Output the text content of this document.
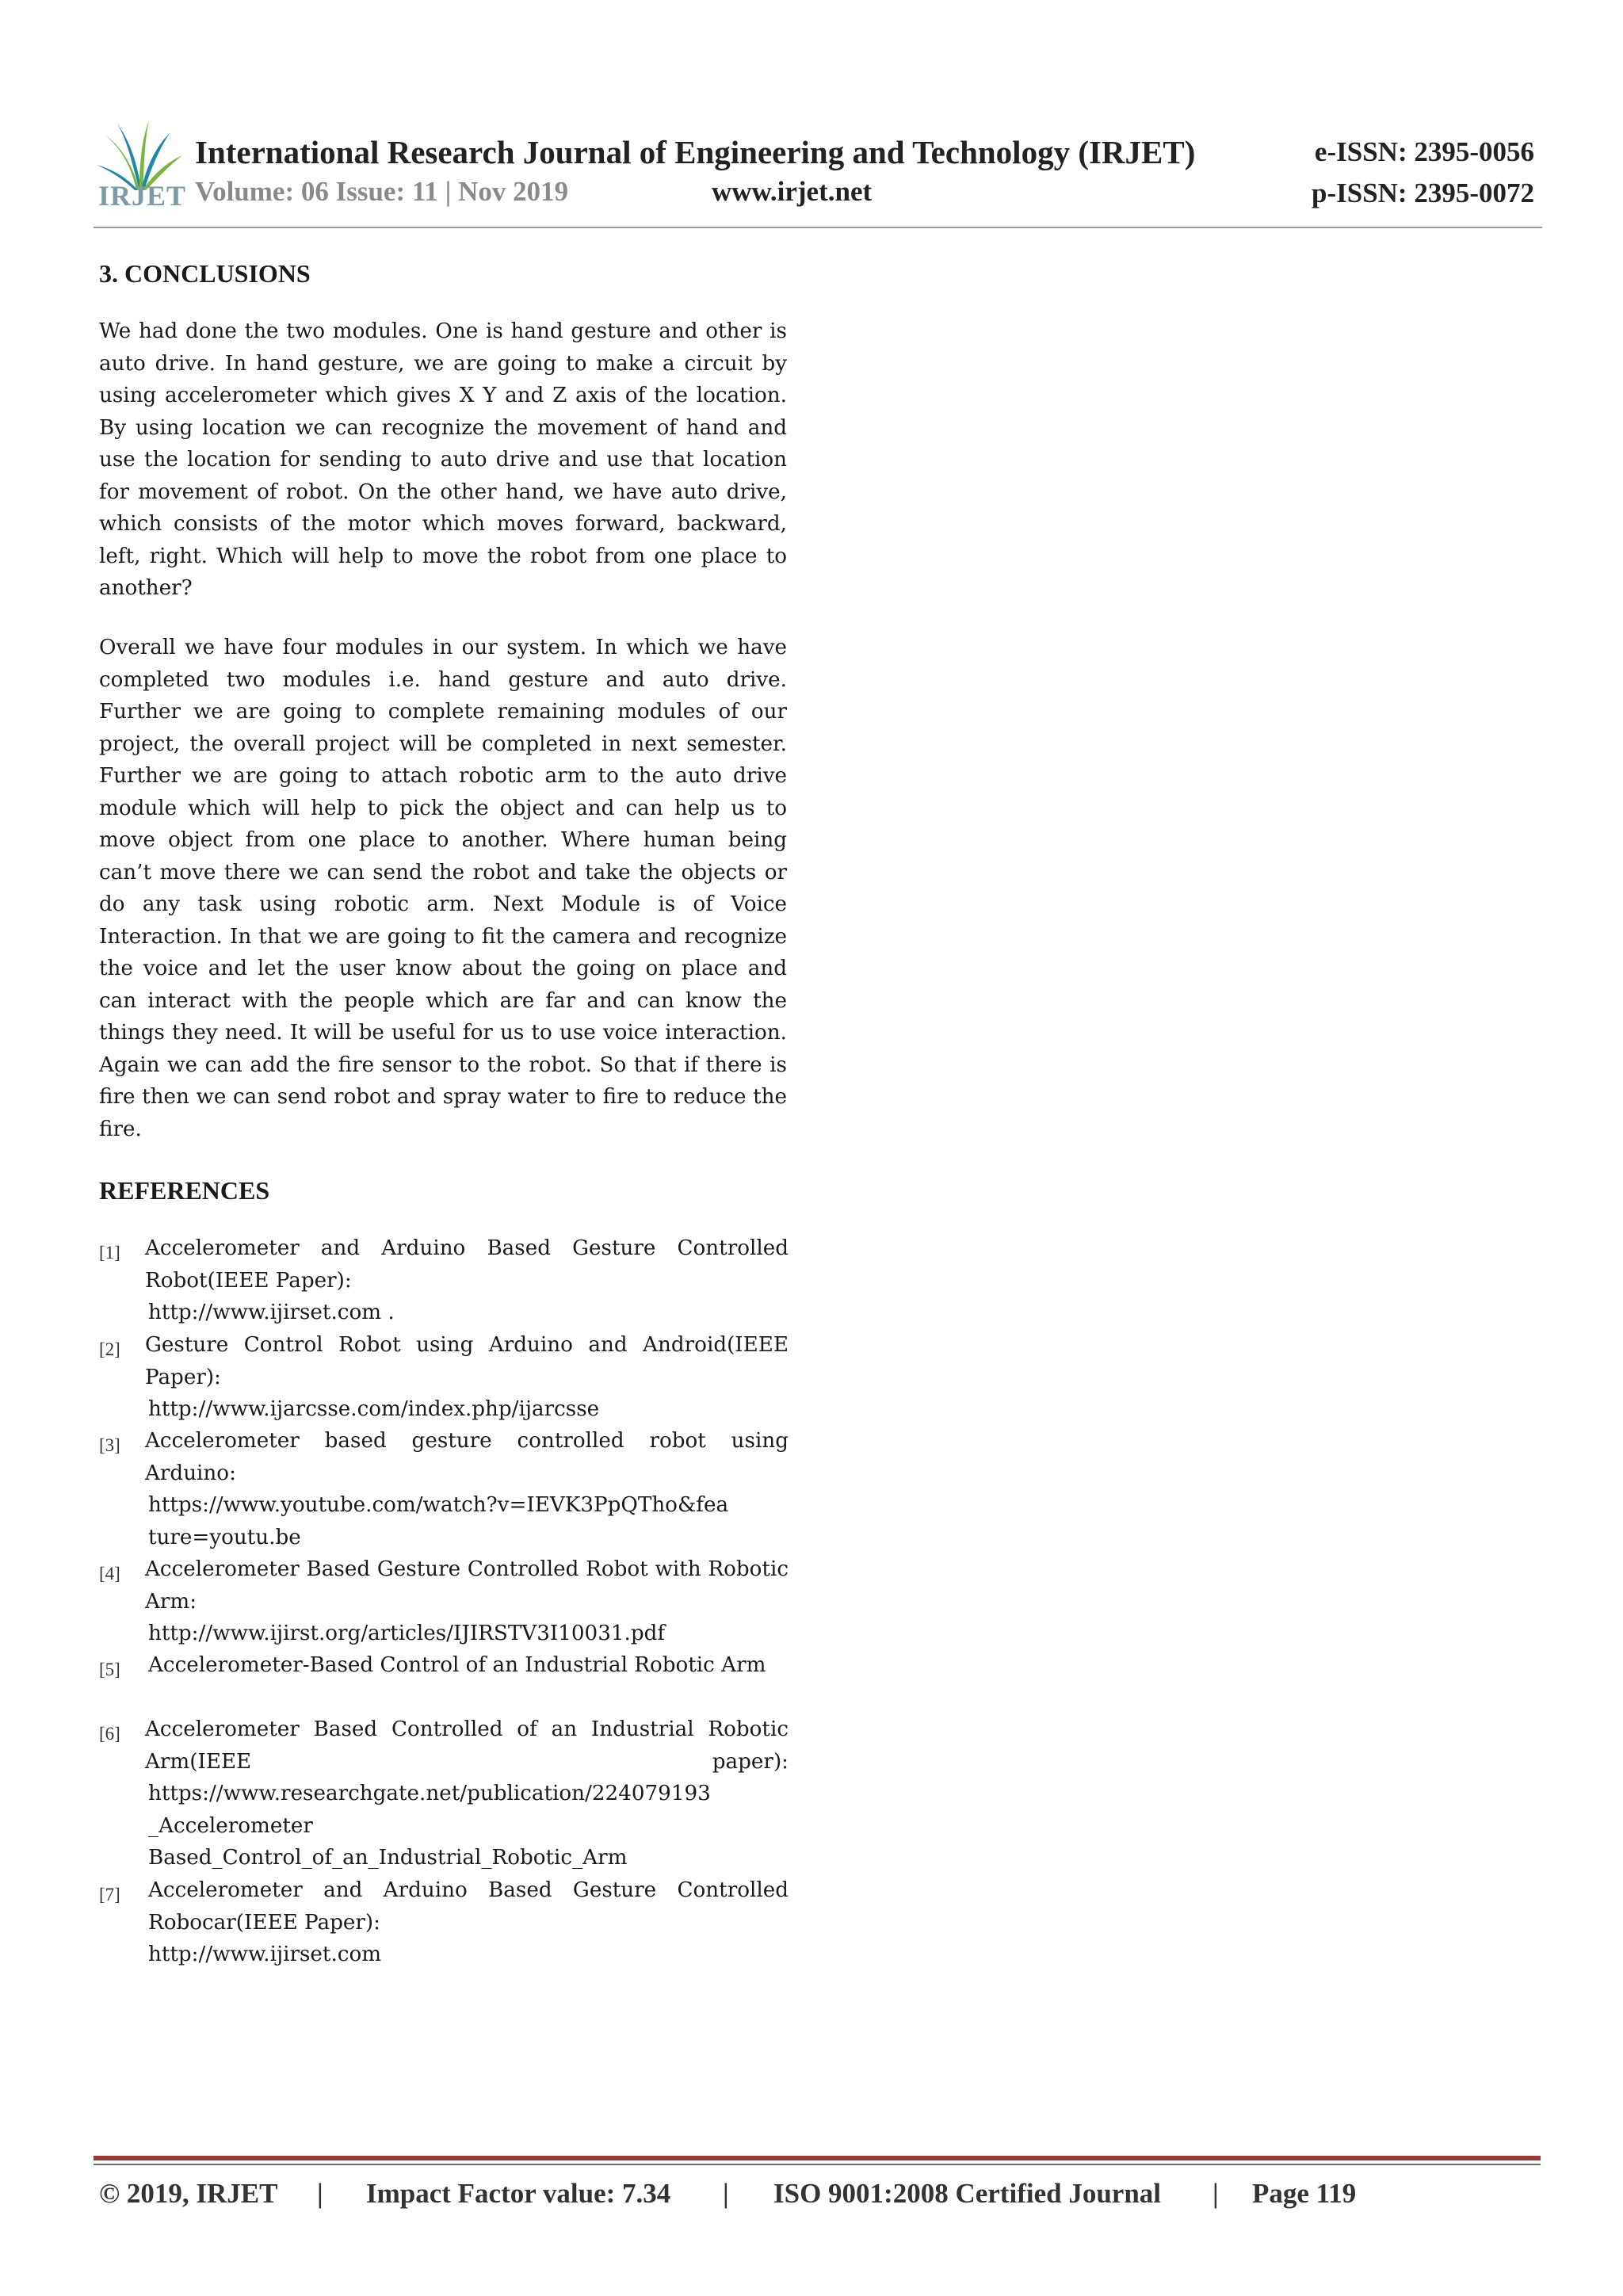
IRJET
International Research Journal of Engineering and Technology (IRJET)
Volume: 06 Issue: 11 | Nov 2019	www.irjet.net
e-ISSN: 2395-0056
p-ISSN: 2395-0072
3. CONCLUSIONS

We had done the two modules. One is hand gesture and other is auto drive. In hand gesture, we are going to make a circuit by using accelerometer which gives X Y and Z axis of the location. By using location we can recognize the movement of hand and use the location for sending to auto drive and use that location for movement of robot. On the other hand, we have auto drive, which consists of the motor which moves forward, backward, left, right. Which will help to move the robot from one place to another?

Overall we have four modules in our system. In which we have completed two modules i.e. hand gesture and auto drive. Further we are going to complete remaining modules of our project, the overall project will be completed in next semester. Further we are going to attach robotic arm to the auto drive module which will help to pick the object and can help us to move object from one place to another. Where human being can’t move there we can send the robot and take the objects or do any task using robotic arm. Next Module is of Voice Interaction. In that we are going to fit the camera and recognize the voice and let the user know about the going on place and can interact with the people which are far and can know the things they need. It will be useful for us to use voice interaction. Again we can add the fire sensor to the robot. So that if there is fire then we can send robot and spray water to fire to reduce the fire.

REFERENCES
[1] Accelerometer and Arduino Based Gesture Controlled Robot(IEEE Paper):
http://www.ijirset.com .
[2] Gesture Control Robot using Arduino and Android(IEEE Paper):
http://www.ijarcsse.com/index.php/ijarcsse
[3] Accelerometer based gesture controlled robot using Arduino:
https://www.youtube.com/watch?v=IEVK3PpQTho&fea
ture=youtu.be
[4] Accelerometer Based Gesture Controlled Robot with Robotic Arm:
http://www.ijirst.org/articles/IJIRSTV3I10031.pdf
[5] Accelerometer-Based Control of an Industrial Robotic Arm
[6] Accelerometer Based Controlled of an Industrial Robotic Arm(IEEE paper):
https://www.researchgate.net/publication/224079193
_Accelerometer
Based_Control_of_an_Industrial_Robotic_Arm
[7] Accelerometer and Arduino Based Gesture Controlled Robocar(IEEE Paper):
http://www.ijirset.com
© 2019, IRJET | Impact Factor value: 7.34 | ISO 9001:2008 Certified Journal | Page 119
